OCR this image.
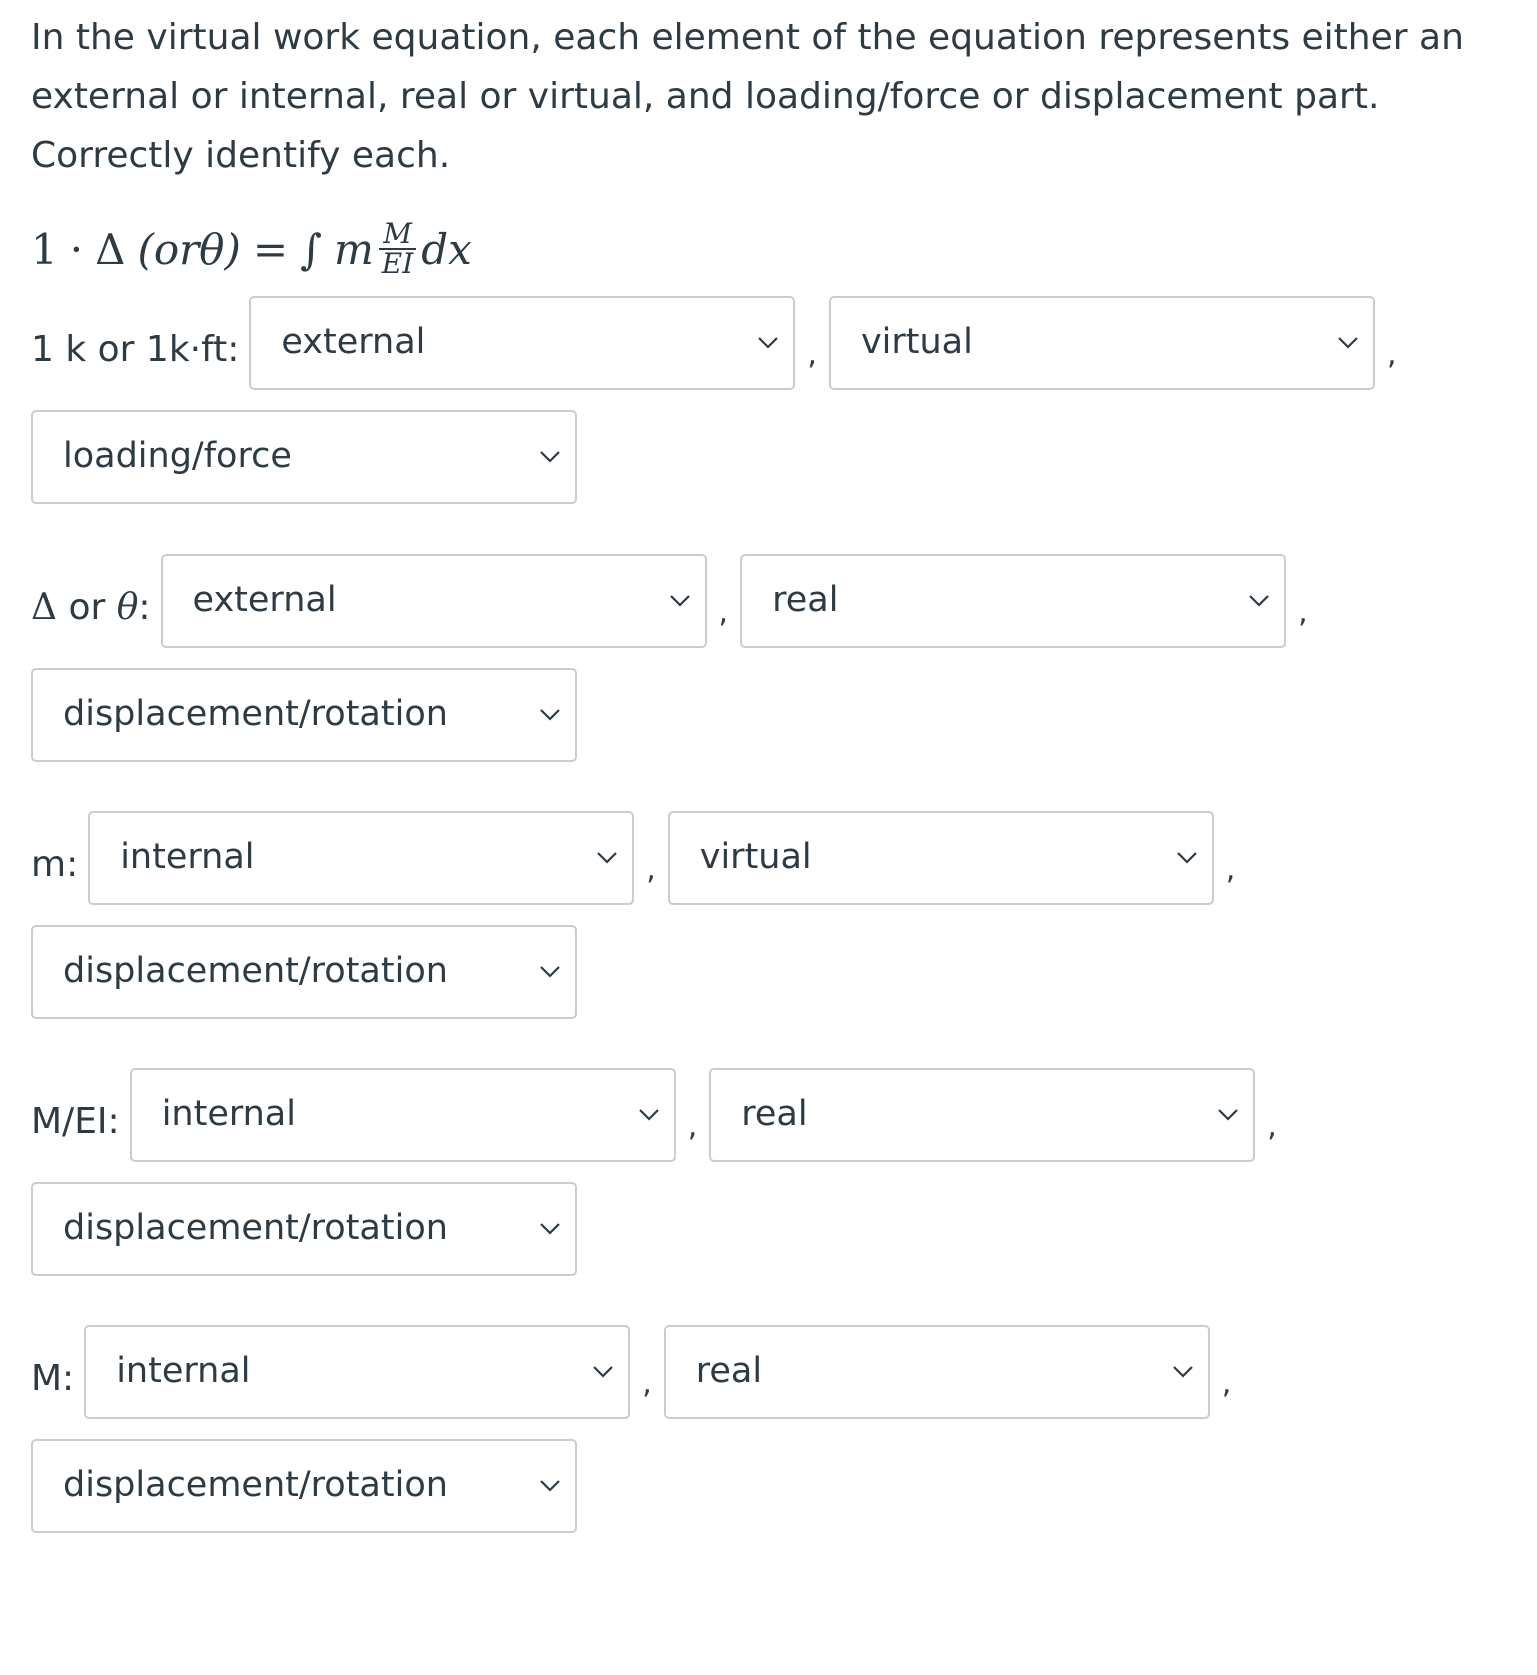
In the virtual work equation, each element of the equation represents either an external or internal, real or virtual, and loading/force or displacement part. Correctly identify each.

1 · Δ (orθ) = ∫ m $\frac{M}{EI}$ dx
1 k or 1k·ft: external	, virtual	,
loading/force
Δ or θ: external	, real	,
displacement/rotation
m: internal	, virtual	,
displacement/rotation
M/EI: internal	, real	,
displacement/rotation
M: internal	, real	,
displacement/rotation
